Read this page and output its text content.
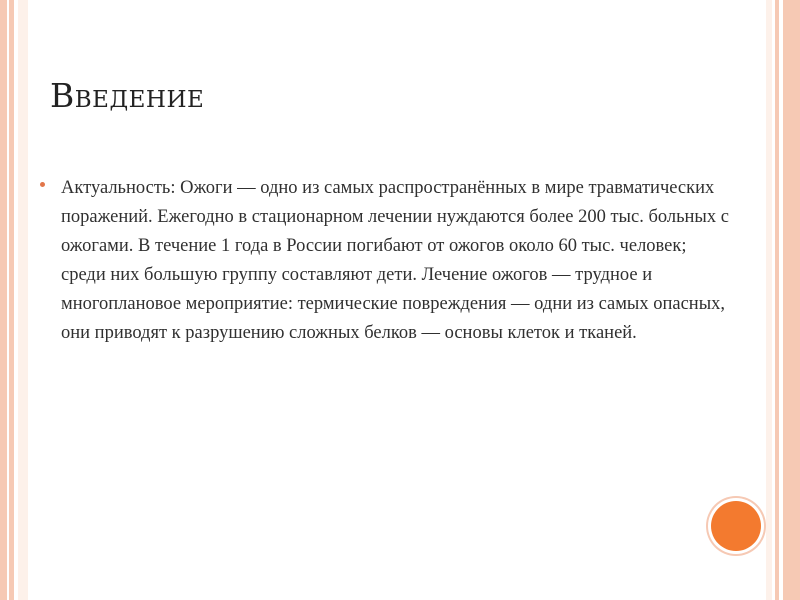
Введение
Актуальность: Ожоги — одно из самых распространённых в мире травматических поражений. Ежегодно в стационарном лечении нуждаются более 200 тыс. больных с ожогами. В течение 1 года в России погибают от ожогов около 60 тыс. человек; среди них большую группу составляют дети. Лечение ожогов — трудное и многоплановое мероприятие: термические повреждения — одни из самых опасных, они приводят к разрушению сложных белков — основы клеток и тканей.
